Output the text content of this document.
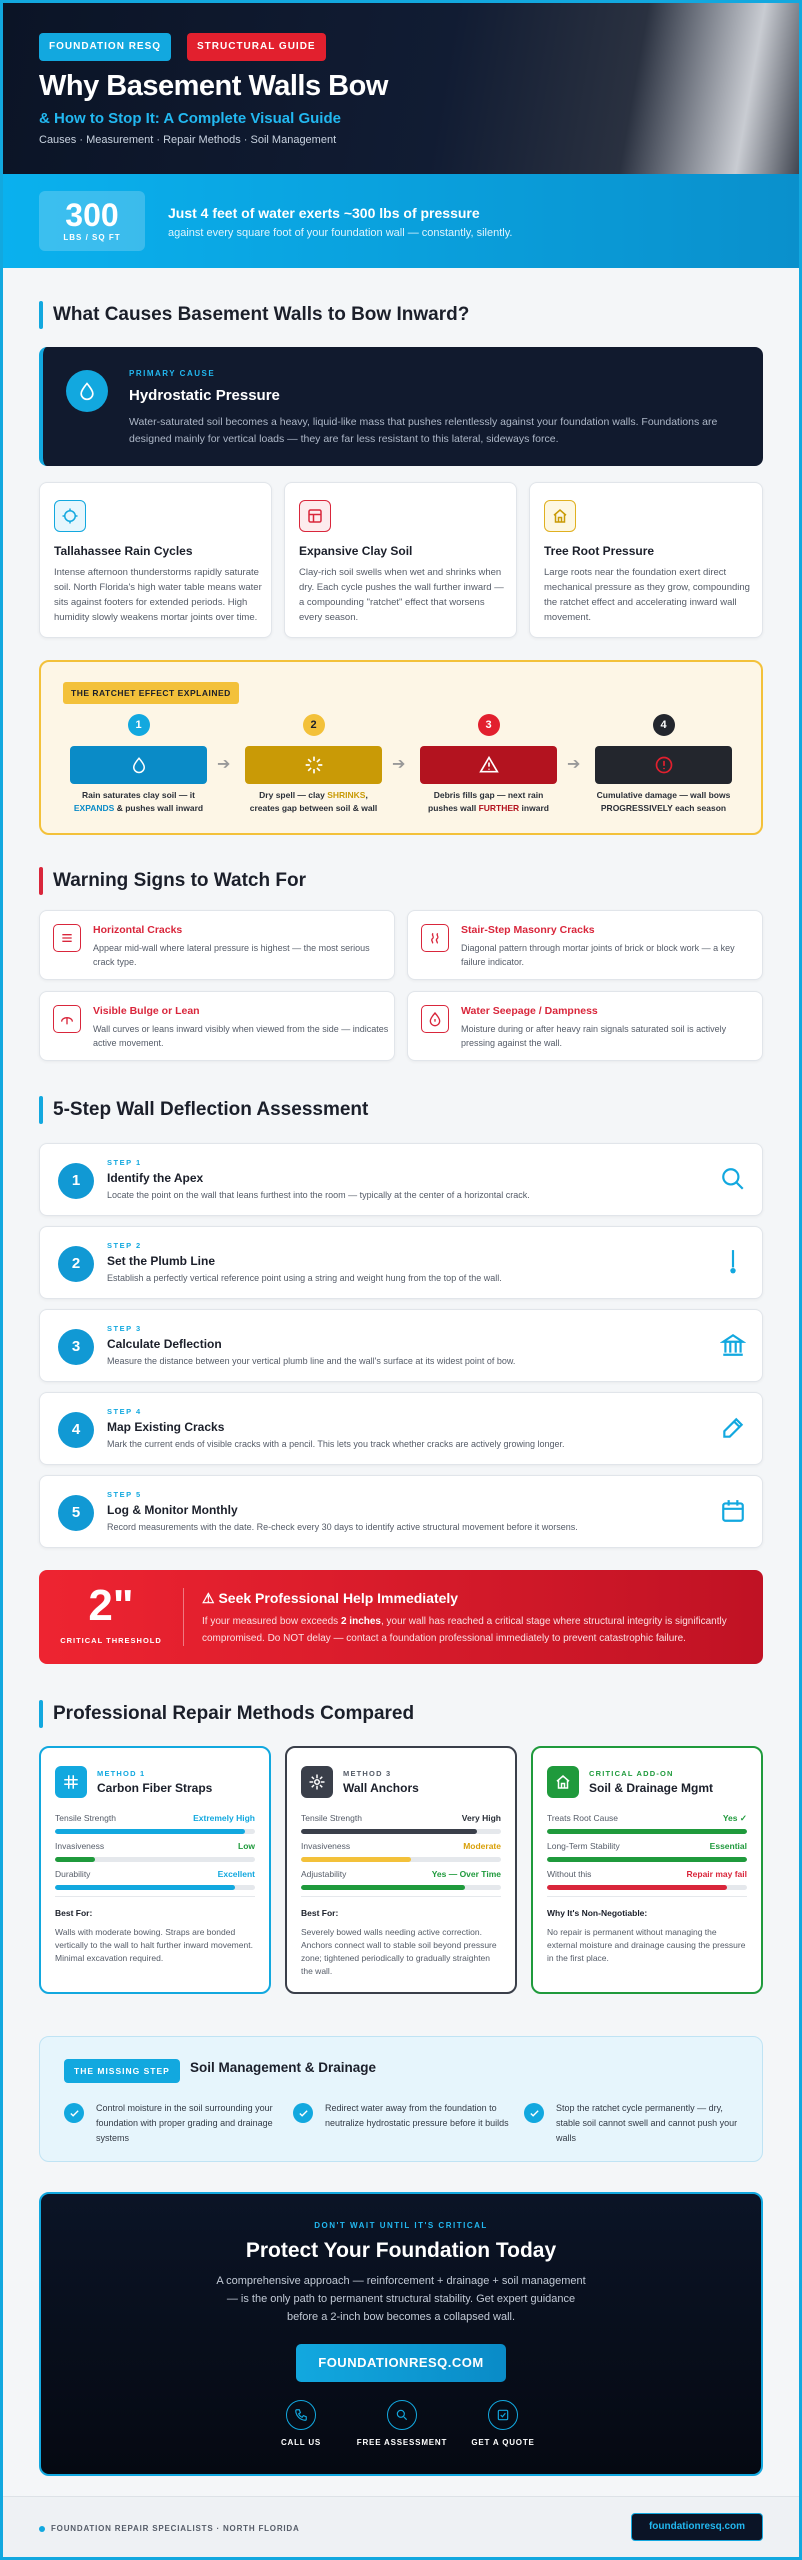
FOUNDATION RESQ	STRUCTURAL GUIDE
Why Basement Walls Bow
& How to Stop It: A Complete Visual Guide
Causes · Measurement · Repair Methods · Soil Management
300
LBS / SQ FT
Just 4 feet of water exerts ~300 lbs of pressure
against every square foot of your foundation wall — constantly, silently.
What Causes Basement Walls to Bow Inward?
PRIMARY CAUSE
Hydrostatic Pressure
Water-saturated soil becomes a heavy, liquid-like mass that pushes relentlessly against your foundation walls. Foundations are designed mainly for vertical loads — they are far less resistant to this lateral, sideways force.
Tallahassee Rain Cycles
Intense afternoon thunderstorms rapidly saturate soil. North Florida's high water table means water sits against footers for extended periods. High humidity slowly weakens mortar joints over time.
Expansive Clay Soil
Clay-rich soil swells when wet and shrinks when dry. Each cycle pushes the wall further inward — a compounding "ratchet" effect that worsens every season.
Tree Root Pressure
Large roots near the foundation exert direct mechanical pressure as they grow, compounding the ratchet effect and accelerating inward wall movement.
THE RATCHET EFFECT EXPLAINED
1
Rain saturates clay soil — it EXPANDS & pushes wall inward
➔
2
Dry spell — clay SHRINKS, creates gap between soil & wall
➔
3
Debris fills gap — next rain pushes wall FURTHER inward
➔
4
Cumulative damage — wall bows PROGRESSIVELY each season
Warning Signs to Watch For
Horizontal Cracks
Appear mid-wall where lateral pressure is highest — the most serious crack type.
Stair-Step Masonry Cracks
Diagonal pattern through mortar joints of brick or block work — a key failure indicator.
Visible Bulge or Lean
Wall curves or leans inward visibly when viewed from the side — indicates active movement.
Water Seepage / Dampness
Moisture during or after heavy rain signals saturated soil is actively pressing against the wall.
5-Step Wall Deflection Assessment
1
STEP 1
Identify the Apex
Locate the point on the wall that leans furthest into the room — typically at the center of a horizontal crack.
2
STEP 2
Set the Plumb Line
Establish a perfectly vertical reference point using a string and weight hung from the top of the wall.
3
STEP 3
Calculate Deflection
Measure the distance between your vertical plumb line and the wall's surface at its widest point of bow.
4
STEP 4
Map Existing Cracks
Mark the current ends of visible cracks with a pencil. This lets you track whether cracks are actively growing longer.
5
STEP 5
Log & Monitor Monthly
Record measurements with the date. Re-check every 30 days to identify active structural movement before it worsens.
2"
CRITICAL THRESHOLD
⚠ Seek Professional Help Immediately
If your measured bow exceeds 2 inches, your wall has reached a critical stage where structural integrity is significantly compromised. Do NOT delay — contact a foundation professional immediately to prevent catastrophic failure.
Professional Repair Methods Compared
METHOD 1
Carbon Fiber Straps
Tensile Strength	Extremely High
Invasiveness	Low
Durability	Excellent
Best For:
Walls with moderate bowing. Straps are bonded vertically to the wall to halt further inward movement. Minimal excavation required.
METHOD 3
Wall Anchors
Tensile Strength	Very High
Invasiveness	Moderate
Adjustability	Yes — Over Time
Best For:
Severely bowed walls needing active correction. Anchors connect wall to stable soil beyond pressure zone; tightened periodically to gradually straighten the wall.
CRITICAL ADD-ON
Soil & Drainage Mgmt
Treats Root Cause	Yes ✓
Long-Term Stability	Essential
Without this	Repair may fail
Why It's Non-Negotiable:
No repair is permanent without managing the external moisture and drainage causing the pressure in the first place.
THE MISSING STEP	Soil Management & Drainage
Control moisture in the soil surrounding your foundation with proper grading and drainage systems
Redirect water away from the foundation to neutralize hydrostatic pressure before it builds
Stop the ratchet cycle permanently — dry, stable soil cannot swell and cannot push your walls
DON'T WAIT UNTIL IT'S CRITICAL
Protect Your Foundation Today
A comprehensive approach — reinforcement + drainage + soil management — is the only path to permanent structural stability. Get expert guidance before a 2-inch bow becomes a collapsed wall.
FOUNDATIONRESQ.COM
CALL US	FREE ASSESSMENT	GET A QUOTE
FOUNDATION REPAIR SPECIALISTS · NORTH FLORIDA	foundationresq.com
